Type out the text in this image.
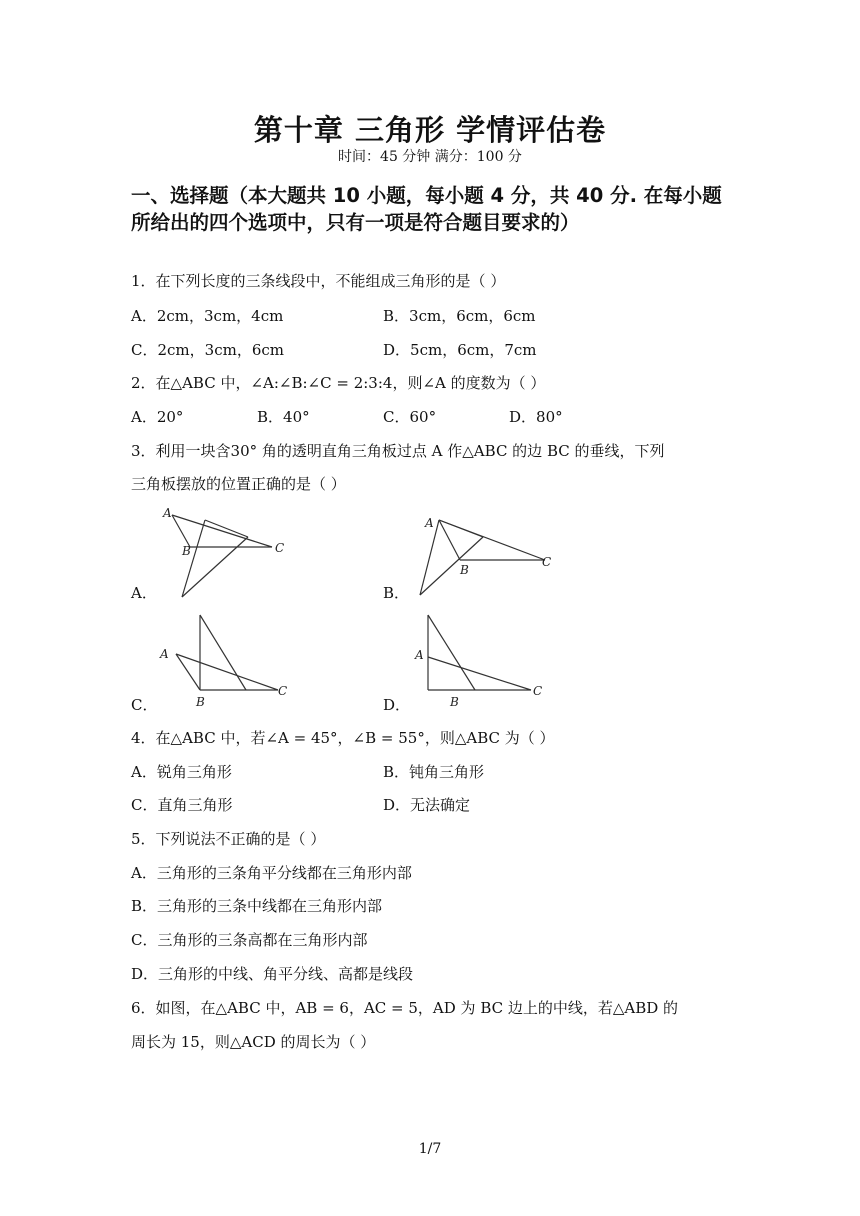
第十章 三角形 学情评估卷
时间：45 分钟 满分：100 分
一、选择题（本大题共 10 小题，每小题 4 分，共 40 分. 在每小题所给出的四个选项中，只有一项是符合题目要求的）
1．在下列长度的三条线段中，不能组成三角形的是（ ）
A．2cm，3cm，4cm	B．3cm，6cm，6cm
C．2cm，3cm，6cm	D．5cm，6cm，7cm
2．在△ABC 中，∠A:∠B:∠C = 2:3:4，则∠A 的度数为（ ）
A．20°	B．40°	C．60°	D．80°
3．利用一块含30° 角的透明直角三角板过点 A 作△ABC 的边 BC 的垂线，下列
三角板摆放的位置正确的是（ ）
A．
A
B	C
B．
A
B
C
C．
A
B
C
D．
A
B
C
4．在△ABC 中，若∠A = 45°，∠B = 55°，则△ABC 为（ ）
A．锐角三角形	B．钝角三角形
C．直角三角形	D．无法确定
5．下列说法不正确的是（ ）
A．三角形的三条角平分线都在三角形内部
B．三角形的三条中线都在三角形内部
C．三角形的三条高都在三角形内部
D．三角形的中线、角平分线、高都是线段
6．如图，在△ABC 中，AB = 6，AC = 5，AD 为 BC 边上的中线，若△ABD 的
周长为 15，则△ACD 的周长为（ ）
1/7
